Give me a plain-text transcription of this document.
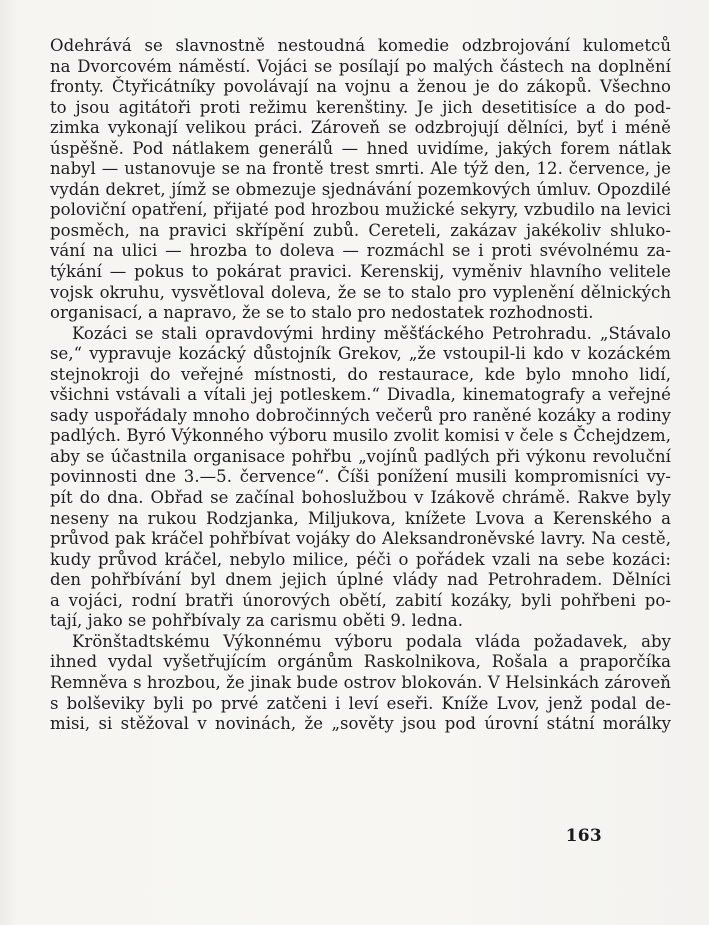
Odehrává se slavnostně nestoudná komedie odzbrojování kulometců
na Dvorcovém náměstí. Vojáci se posílají po malých částech na doplnění
fronty. Čtyřicátníky povolávají na vojnu a ženou je do zákopů. Všechno
to jsou agitátoři proti režimu kerenštiny. Je jich desetitisíce a do pod-
zimka vykonají velikou práci. Zároveň se odzbrojují dělníci, byť i méně
úspěšně. Pod nátlakem generálů — hned uvidíme, jakých forem nátlak
nabyl — ustanovuje se na frontě trest smrti. Ale týž den, 12. července, je
vydán dekret, jímž se obmezuje sjednávání pozemkových úmluv. Opozdilé
poloviční opatření, přijaté pod hrozbou mužické sekyry, vzbudilo na levici
posměch, na pravici skřípění zubů. Cereteli, zakázav jakékoliv shluko-
vání na ulici — hrozba to doleva — rozmáchl se i proti svévolnému za-
týkání — pokus to pokárat pravici. Kerenskij, vyměniv hlavního velitele
vojsk okruhu, vysvětloval doleva, že se to stalo pro vyplenění dělnických
organisací, a napravo, že se to stalo pro nedostatek rozhodnosti.
Kozáci se stali opravdovými hrdiny měšťáckého Petrohradu. „Stávalo
se,“ vypravuje kozácký důstojník Grekov, „že vstoupil-li kdo v kozáckém
stejnokroji do veřejné místnosti, do restaurace, kde bylo mnoho lidí,
všichni vstávali a vítali jej potleskem.“ Divadla, kinematografy a veřejné
sady uspořádaly mnoho dobročinných večerů pro raněné kozáky a rodiny
padlých. Byró Výkonného výboru musilo zvolit komisi v čele s Čchejdzem,
aby se účastnila organisace pohřbu „vojínů padlých při výkonu revoluční
povinnosti dne 3.—5. července“. Číši ponížení musili kompromisníci vy-
pít do dna. Obřad se začínal bohoslužbou v Izákově chrámě. Rakve byly
neseny na rukou Rodzjanka, Miljukova, knížete Lvova a Kerenského a
průvod pak kráčel pohřbívat vojáky do Aleksandroněvské lavry. Na cestě,
kudy průvod kráčel, nebylo milice, péči o pořádek vzali na sebe kozáci:
den pohřbívání byl dnem jejich úplné vlády nad Petrohradem. Dělníci
a vojáci, rodní bratři únorových obětí, zabití kozáky, byli pohřbeni po-
tají, jako se pohřbívaly za carismu oběti 9. ledna.
Krönštadtskému Výkonnému výboru podala vláda požadavek, aby
ihned vydal vyšetřujícím orgánům Raskolnikova, Rošala a praporčíka
Remněva s hrozbou, že jinak bude ostrov blokován. V Helsinkách zároveň
s bolševiky byli po prvé zatčeni i leví eseři. Kníže Lvov, jenž podal de-
misi, si stěžoval v novinách, že „sověty jsou pod úrovní státní morálky
163
